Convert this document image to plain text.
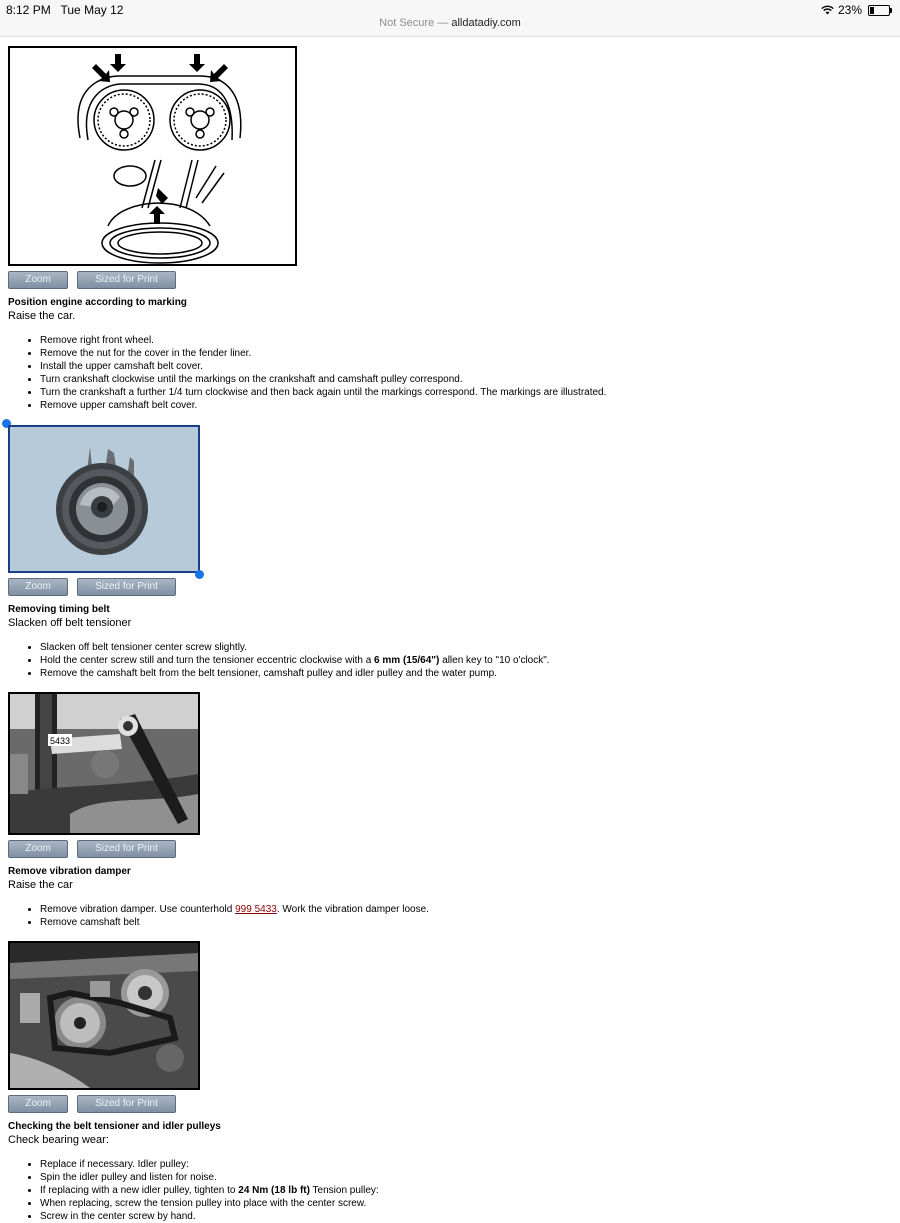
8:12 PM Tue May 12	23%
Not Secure — alldatadiy.com
Zoom	Sized for Print
Position engine according to marking
Raise the car.
• Remove right front wheel.
• Remove the nut for the cover in the fender liner.
• Install the upper camshaft belt cover.
• Turn crankshaft clockwise until the markings on the crankshaft and camshaft pulley correspond.
• Turn the crankshaft a further 1/4 turn clockwise and then back again until the markings correspond. The markings are illustrated.
• Remove upper camshaft belt cover.
Zoom	Sized for Print
Removing timing belt
Slacken off belt tensioner
• Slacken off belt tensioner center screw slightly.
• Hold the center screw still and turn the tensioner eccentric clockwise with a 6 mm (15/64") allen key to "10 o'clock".
• Remove the camshaft belt from the belt tensioner, camshaft pulley and idler pulley and the water pump.
5433
Zoom	Sized for Print
Remove vibration damper
Raise the car
• Remove vibration damper. Use counterhold 999 5433. Work the vibration damper loose.
• Remove camshaft belt
Zoom	Sized for Print
Checking the belt tensioner and idler pulleys
Check bearing wear:
• Replace if necessary. Idler pulley:
• Spin the idler pulley and listen for noise.
• If replacing with a new idler pulley, tighten to 24 Nm (18 lb ft) Tension pulley:
• When replacing, screw the tension pulley into place with the center screw.
• Screw in the center screw by hand.
